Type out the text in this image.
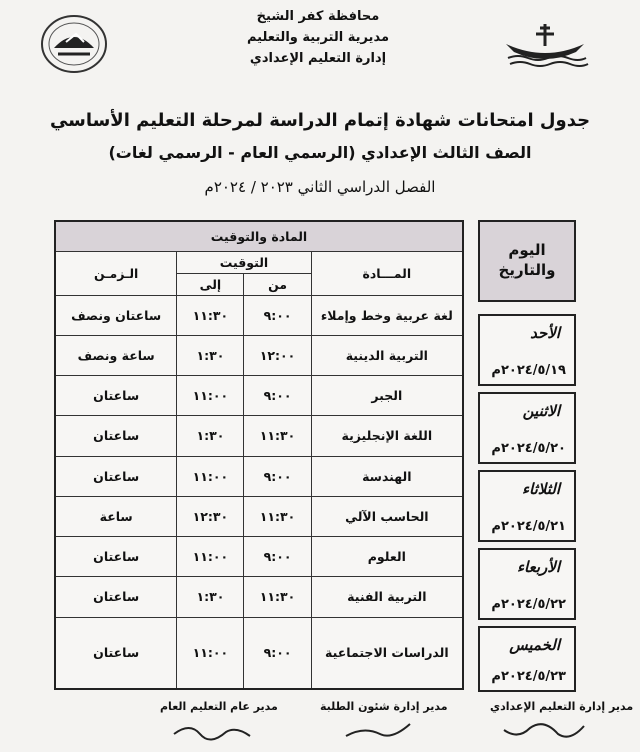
محافظة كفر الشيخ
مديرية التربية والتعليم
إدارة التعليم الإعدادي
جدول امتحانات شهادة إتمام الدراسة لمرحلة التعليم الأساسي
الصف الثالث الإعدادي (الرسمي العام - الرسمي لغات)
الفصل الدراسي الثاني ٢٠٢٣ / ٢٠٢٤م
المادة والتوقيت			
المـــادة	التوقيت		الـزمـن
	من	إلى	
لغة عربية وخط وإملاء	٩:٠٠	١١:٣٠	ساعتان ونصف
التربية الدينية	١٢:٠٠	١:٣٠	ساعة ونصف
الجبر	٩:٠٠	١١:٠٠	ساعتان
اللغة الإنجليزية	١١:٣٠	١:٣٠	ساعتان
الهندسة	٩:٠٠	١١:٠٠	ساعتان
الحاسب الآلي	١١:٣٠	١٢:٣٠	ساعة
العلوم	٩:٠٠	١١:٠٠	ساعتان
التربية الفنية	١١:٣٠	١:٣٠	ساعتان
الدراسات الاجتماعية	٩:٠٠	١١:٠٠	ساعتان
اليوم
والتاريخ
الأحد
٢٠٢٤/٥/١٩م
الاثنين
٢٠٢٤/٥/٢٠م
الثلاثاء
٢٠٢٤/٥/٢١م
الأربعاء
٢٠٢٤/٥/٢٢م
الخميس
٢٠٢٤/٥/٢٣م
مدير عام التعليم العام	مدير إدارة شئون الطلبة	مدير إدارة التعليم الإعدادي
